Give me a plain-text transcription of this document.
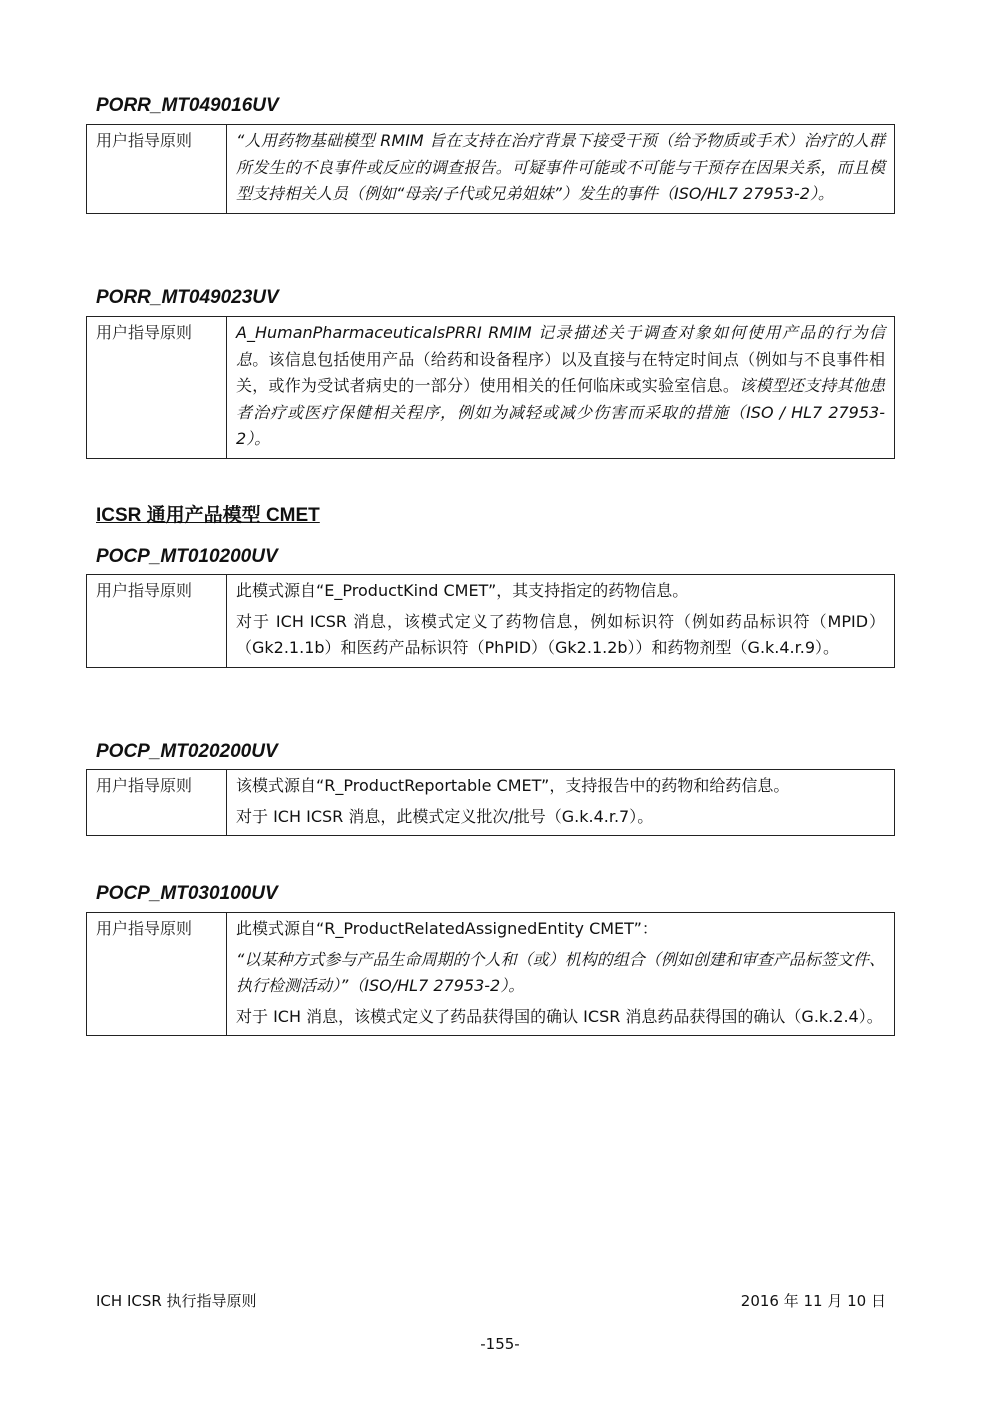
PORR_MT049016UV
用户指导原则	“人用药物基础模型 RMIM 旨在支持在治疗背景下接受干预（给予物质或手术）治疗的人群所发生的不良事件或反应的调查报告。可疑事件可能或不可能与干预存在因果关系，而且模型支持相关人员（例如“母亲/子代或兄弟姐妹”）发生的事件（ISO/HL7 27953-2）。

PORR_MT049023UV
用户指导原则	A_HumanPharmaceuticalsPRRI RMIM 记录描述关于调查对象如何使用产品的行为信息。该信息包括使用产品（给药和设备程序）以及直接与在特定时间点（例如与不良事件相关，或作为受试者病史的一部分）使用相关的任何临床或实验室信息。该模型还支持其他患者治疗或医疗保健相关程序，例如为减轻或减少伤害而采取的措施（ISO / HL7 27953-2）。

ICSR 通用产品模型 CMET
POCP_MT010200UV
用户指导原则	此模式源自“E_ProductKind CMET”，其支持指定的药物信息。

对于 ICH ICSR 消息，该模式定义了药物信息，例如标识符（例如药品标识符（MPID）（Gk2.1.1b）和医药产品标识符（PhPID）（Gk2.1.2b））和药物剂型（G.k.4.r.9）。

POCP_MT020200UV
用户指导原则	该模式源自“R_ProductReportable CMET”，支持报告中的药物和给药信息。

对于 ICH ICSR 消息，此模式定义批次/批号（G.k.4.r.7）。

POCP_MT030100UV
用户指导原则	此模式源自“R_ProductRelatedAssignedEntity CMET”：

“以某种方式参与产品生命周期的个人和（或）机构的组合（例如创建和审查产品标签文件、执行检测活动）”（ISO/HL7 27953-2）。

对于 ICH 消息，该模式定义了药品获得国的确认 ICSR 消息药品获得国的确认（G.k.2.4）。

ICH ICSR 执行指导原则	2016 年 11 月 10 日
-155-
